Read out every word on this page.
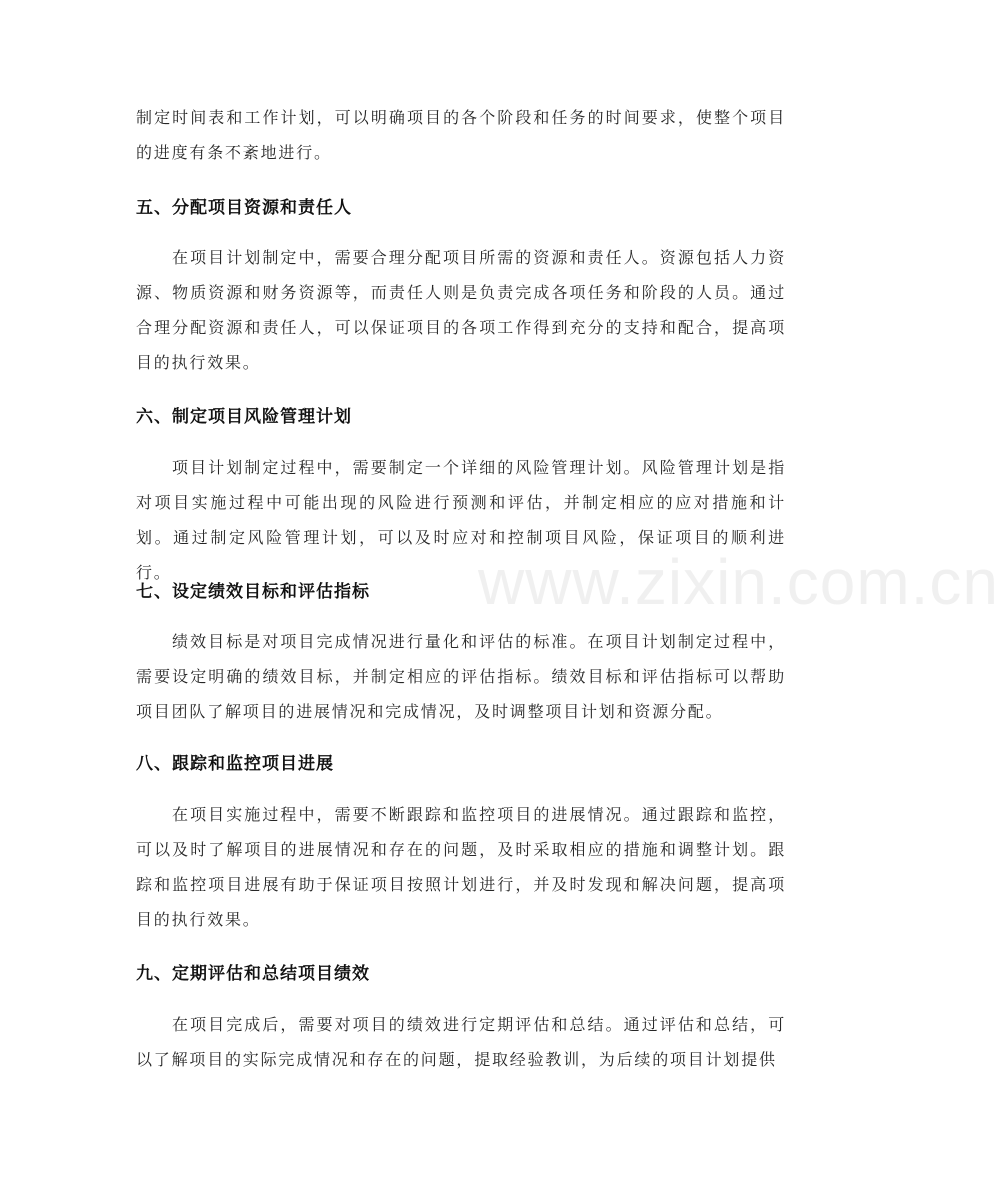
www.zixin.com.cn

制定时间表和工作计划，可以明确项目的各个阶段和任务的时间要求，使整个项目的进度有条不紊地进行。

五、分配项目资源和责任人

在项目计划制定中，需要合理分配项目所需的资源和责任人。资源包括人力资源、物质资源和财务资源等，而责任人则是负责完成各项任务和阶段的人员。通过合理分配资源和责任人，可以保证项目的各项工作得到充分的支持和配合，提高项目的执行效果。

六、制定项目风险管理计划

项目计划制定过程中，需要制定一个详细的风险管理计划。风险管理计划是指对项目实施过程中可能出现的风险进行预测和评估，并制定相应的应对措施和计划。通过制定风险管理计划，可以及时应对和控制项目风险，保证项目的顺利进行。

七、设定绩效目标和评估指标

绩效目标是对项目完成情况进行量化和评估的标准。在项目计划制定过程中，需要设定明确的绩效目标，并制定相应的评估指标。绩效目标和评估指标可以帮助项目团队了解项目的进展情况和完成情况，及时调整项目计划和资源分配。

八、跟踪和监控项目进展

在项目实施过程中，需要不断跟踪和监控项目的进展情况。通过跟踪和监控，可以及时了解项目的进展情况和存在的问题，及时采取相应的措施和调整计划。跟踪和监控项目进展有助于保证项目按照计划进行，并及时发现和解决问题，提高项目的执行效果。

九、定期评估和总结项目绩效

在项目完成后，需要对项目的绩效进行定期评估和总结。通过评估和总结，可以了解项目的实际完成情况和存在的问题，提取经验教训，为后续的项目计划提供
